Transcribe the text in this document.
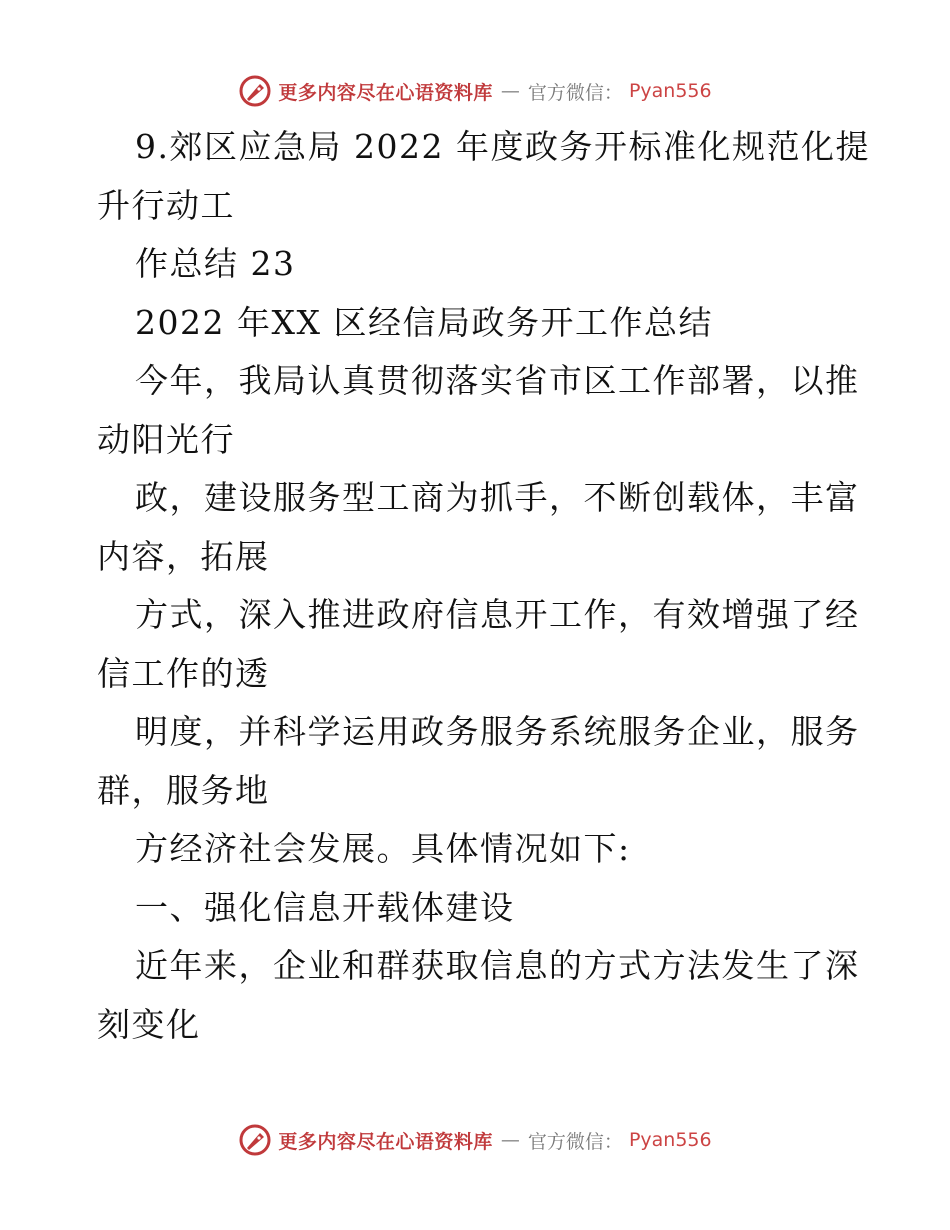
更多内容尽在心语资料库 — 官方微信： Pyan556
9.郊区应急局 2022 年度政务开标准化规范化提
升行动工
作总结 23
2022 年XX 区经信局政务开工作总结
今年，我局认真贯彻落实省市区工作部署，以推
动阳光行
政，建设服务型工商为抓手，不断创载体，丰富
内容，拓展
方式，深入推进政府信息开工作，有效增强了经
信工作的透
明度，并科学运用政务服务系统服务企业，服务
群，服务地
方经济社会发展。具体情况如下:
一、强化信息开载体建设
近年来，企业和群获取信息的方式方法发生了深
刻变化
更多内容尽在心语资料库 — 官方微信： Pyan556
